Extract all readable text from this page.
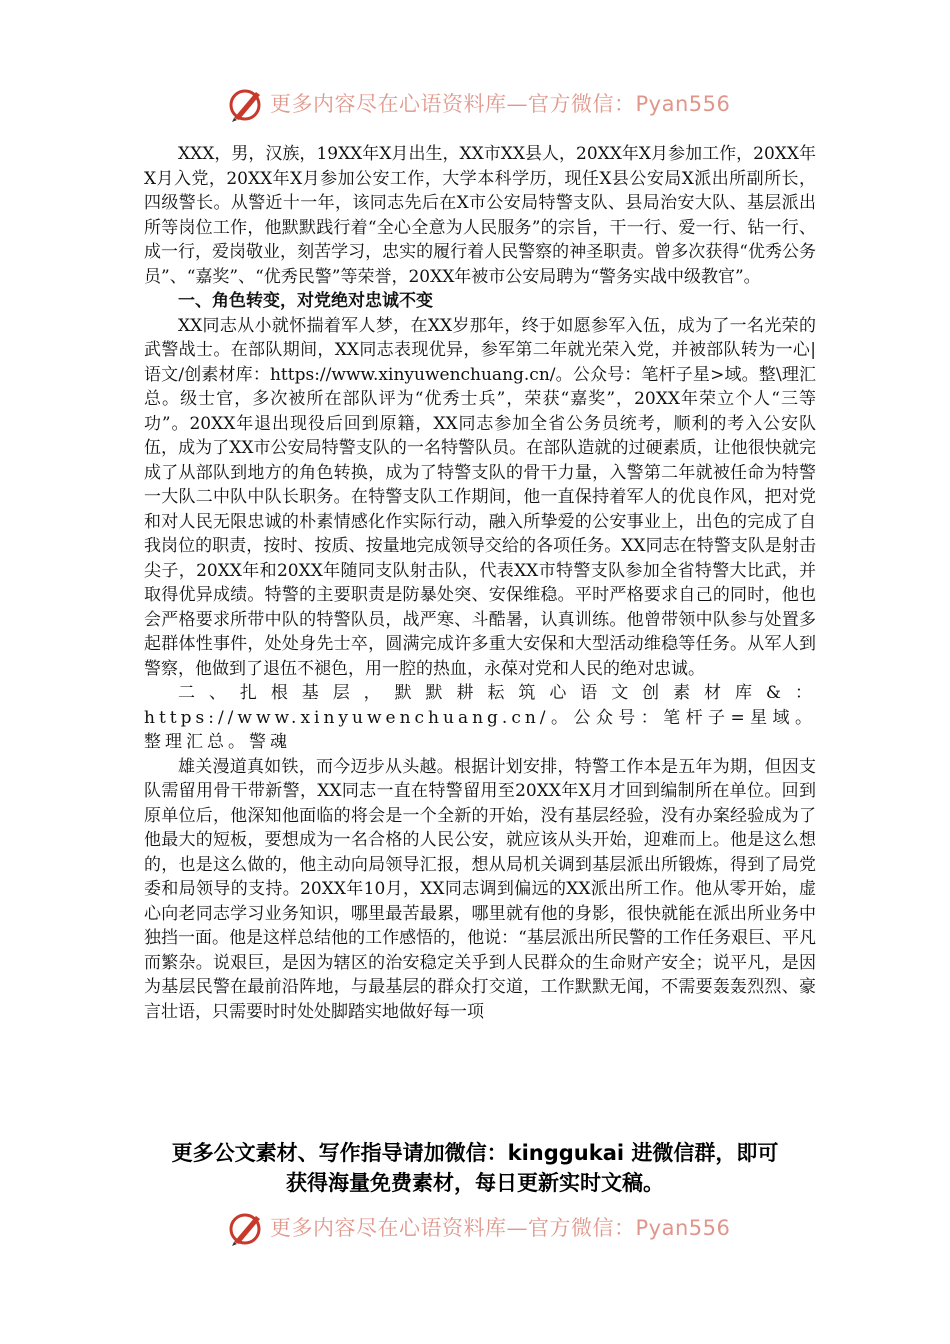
更多内容尽在心语资料库—官方微信：Pyan556

XXX，男，汉族，19XX年X月出生，XX市XX县人，20XX年X月参加工作，20XX年X月入党，20XX年X月参加公安工作，大学本科学历，现任X县公安局X派出所副所长，四级警长。从警近十一年，该同志先后在X市公安局特警支队、县局治安大队、基层派出所等岗位工作，他默默践行着“全心全意为人民服务”的宗旨，干一行、爱一行、钻一行、成一行，爱岗敬业，刻苦学习，忠实的履行着人民警察的神圣职责。曾多次获得“优秀公务员”、“嘉奖”、“优秀民警”等荣誉，20XX年被市公安局聘为“警务实战中级教官”。

一、角色转变，对党绝对忠诚不变

XX同志从小就怀揣着军人梦，在XX岁那年，终于如愿参军入伍，成为了一名光荣的武警战士。在部队期间，XX同志表现优异，参军第二年就光荣入党，并被部队转为一心|语文/创素材库：https://www.xinyuwenchuang.cn/。公众号：笔杆子星>域。整\理汇总。级士官，多次被所在部队评为“优秀士兵”，荣获“嘉奖”，20XX年荣立个人“三等功”。20XX年退出现役后回到原籍，XX同志参加全省公务员统考，顺利的考入公安队伍，成为了XX市公安局特警支队的一名特警队员。在部队造就的过硬素质，让他很快就完成了从部队到地方的角色转换，成为了特警支队的骨干力量，入警第二年就被任命为特警一大队二中队中队长职务。在特警支队工作期间，他一直保持着军人的优良作风，把对党和对人民无限忠诚的朴素情感化作实际行动，融入所挚爱的公安事业上，出色的完成了自我岗位的职责，按时、按质、按量地完成领导交给的各项任务。XX同志在特警支队是射击尖子，20XX年和20XX年随同支队射击队，代表XX市特警支队参加全省特警大比武，并取得优异成绩。特警的主要职责是防暴处突、安保维稳。平时严格要求自己的同时，他也会严格要求所带中队的特警队员，战严寒、斗酷暑，认真训练。他曾带领中队参与处置多起群体性事件，处处身先士卒，圆满完成许多重大安保和大型活动维稳等任务。从军人到警察，他做到了退伍不褪色，用一腔的热血，永葆对党和人民的绝对忠诚。

二、扎根基层，默默耕耘筑心语文创素材库&：https://www.xinyuwenchuang.cn/。公众号：笔杆子=星域。整理汇总。警魂

雄关漫道真如铁，而今迈步从头越。根据计划安排，特警工作本是五年为期，但因支队需留用骨干带新警，XX同志一直在特警留用至20XX年X月才回到编制所在单位。回到原单位后，他深知他面临的将会是一个全新的开始，没有基层经验，没有办案经验成为了他最大的短板，要想成为一名合格的人民公安，就应该从头开始，迎难而上。他是这么想的，也是这么做的，他主动向局领导汇报，想从局机关调到基层派出所锻炼，得到了局党委和局领导的支持。20XX年10月，XX同志调到偏远的XX派出所工作。他从零开始，虚心向老同志学习业务知识，哪里最苦最累，哪里就有他的身影，很快就能在派出所业务中独挡一面。他是这样总结他的工作感悟的，他说：“基层派出所民警的工作任务艰巨、平凡而繁杂。说艰巨，是因为辖区的治安稳定关乎到人民群众的生命财产安全；说平凡，是因为基层民警在最前沿阵地，与最基层的群众打交道，工作默默无闻，不需要轰轰烈烈、豪言壮语，只需要时时处处脚踏实地做好每一项

更多公文素材、写作指导请加微信：kinggukai 进微信群，即可
获得海量免费素材，每日更新实时文稿。
更多内容尽在心语资料库—官方微信：Pyan556
